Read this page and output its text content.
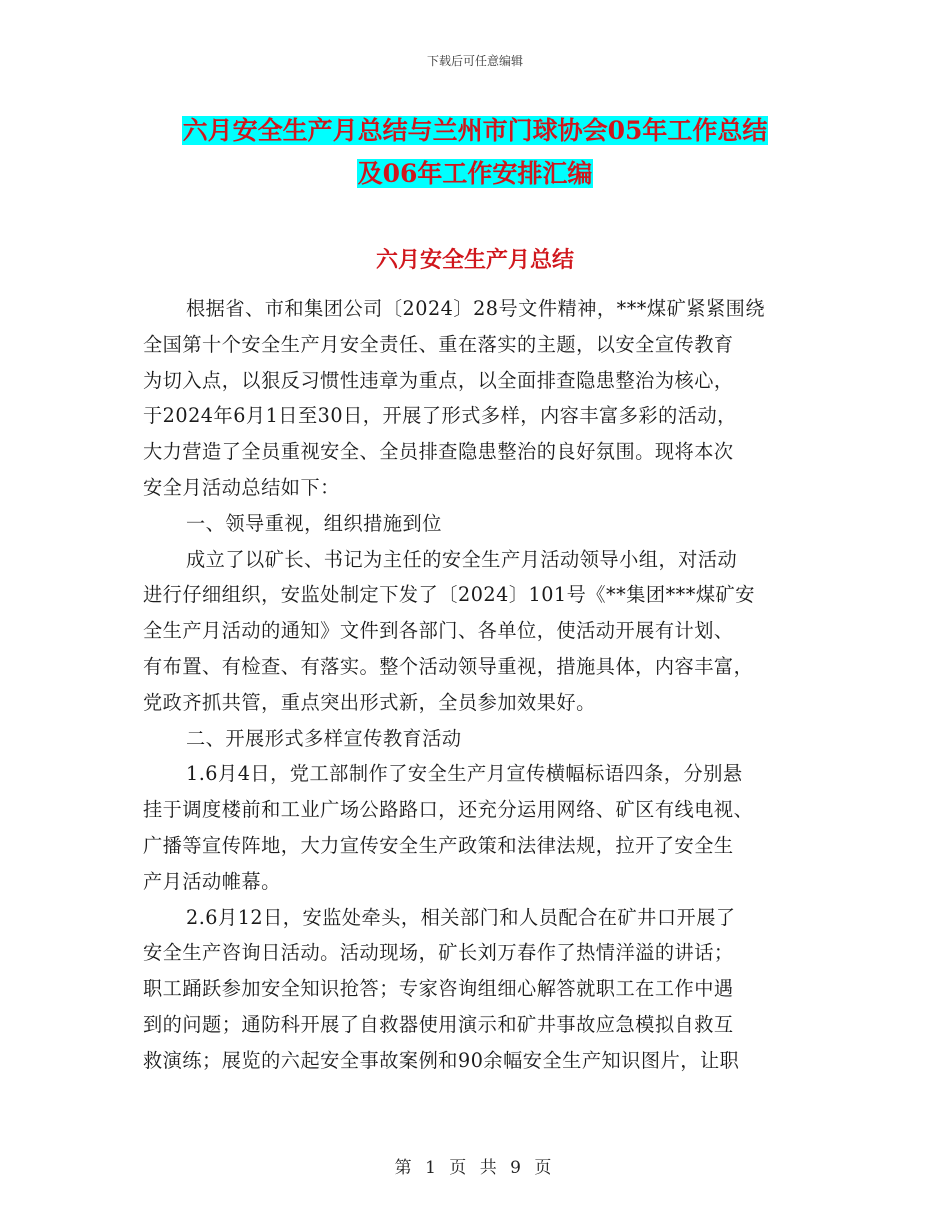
下载后可任意编辑
六月安全生产月总结与兰州市门球协会05年工作总结
及06年工作安排汇编
六月安全生产月总结
根据省、市和集团公司〔2024〕28号文件精神，***煤矿紧紧围绕
全国第十个安全生产月安全责任、重在落实的主题，以安全宣传教育
为切入点，以狠反习惯性违章为重点，以全面排查隐患整治为核心，
于2024年6月1日至30日，开展了形式多样，内容丰富多彩的活动，
大力营造了全员重视安全、全员排查隐患整治的良好氛围。现将本次
安全月活动总结如下：
一、领导重视，组织措施到位
成立了以矿长、书记为主任的安全生产月活动领导小组，对活动
进行仔细组织，安监处制定下发了〔2024〕101号《**集团***煤矿安
全生产月活动的通知》文件到各部门、各单位，使活动开展有计划、
有布置、有检查、有落实。整个活动领导重视，措施具体，内容丰富，
党政齐抓共管，重点突出形式新，全员参加效果好。
二、开展形式多样宣传教育活动
1.6月4日，党工部制作了安全生产月宣传横幅标语四条，分别悬
挂于调度楼前和工业广场公路路口，还充分运用网络、矿区有线电视、
广播等宣传阵地，大力宣传安全生产政策和法律法规，拉开了安全生
产月活动帷幕。
2.6月12日，安监处牵头，相关部门和人员配合在矿井口开展了
安全生产咨询日活动。活动现场，矿长刘万春作了热情洋溢的讲话；
职工踊跃参加安全知识抢答；专家咨询组细心解答就职工在工作中遇
到的问题；通防科开展了自救器使用演示和矿井事故应急模拟自救互
救演练；展览的六起安全事故案例和90余幅安全生产知识图片，让职
第 1 页 共 9 页
